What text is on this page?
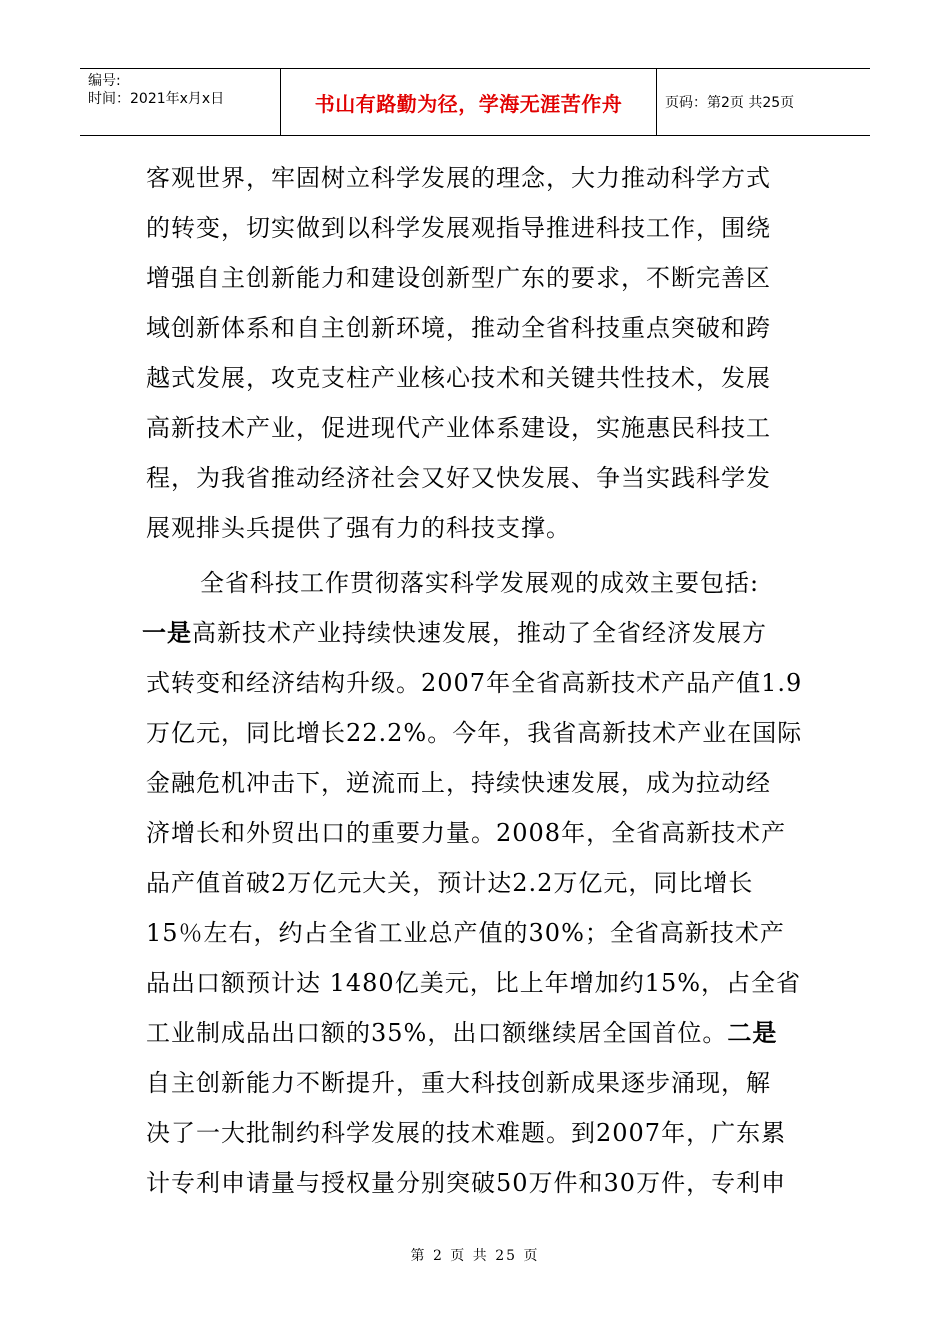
编号:
时间：2021年x月x日	书山有路勤为径，学海无涯苦作舟	页码：第2页 共25页
客观世界，牢固树立科学发展的理念，大力推动科学方式
的转变，切实做到以科学发展观指导推进科技工作，围绕
增强自主创新能力和建设创新型广东的要求，不断完善区
域创新体系和自主创新环境，推动全省科技重点突破和跨
越式发展，攻克支柱产业核心技术和关键共性技术，发展
高新技术产业，促进现代产业体系建设，实施惠民科技工
程，为我省推动经济社会又好又快发展、争当实践科学发
展观排头兵提供了强有力的科技支撑。
全省科技工作贯彻落实科学发展观的成效主要包括:
一是高新技术产业持续快速发展，推动了全省经济发展方
式转变和经济结构升级。2007年全省高新技术产品产值1.9
万亿元，同比增长22.2%。今年，我省高新技术产业在国际
金融危机冲击下，逆流而上，持续快速发展，成为拉动经
济增长和外贸出口的重要力量。2008年，全省高新技术产
品产值首破2万亿元大关，预计达2.2万亿元，同比增长
15％左右，约占全省工业总产值的30%；全省高新技术产
品出口额预计达 1480亿美元，比上年增加约15%，占全省
工业制成品出口额的35%，出口额继续居全国首位。二是
自主创新能力不断提升，重大科技创新成果逐步涌现，解
决了一大批制约科学发展的技术难题。到2007年，广东累
计专利申请量与授权量分别突破50万件和30万件，专利申
第 2 页 共 25 页
